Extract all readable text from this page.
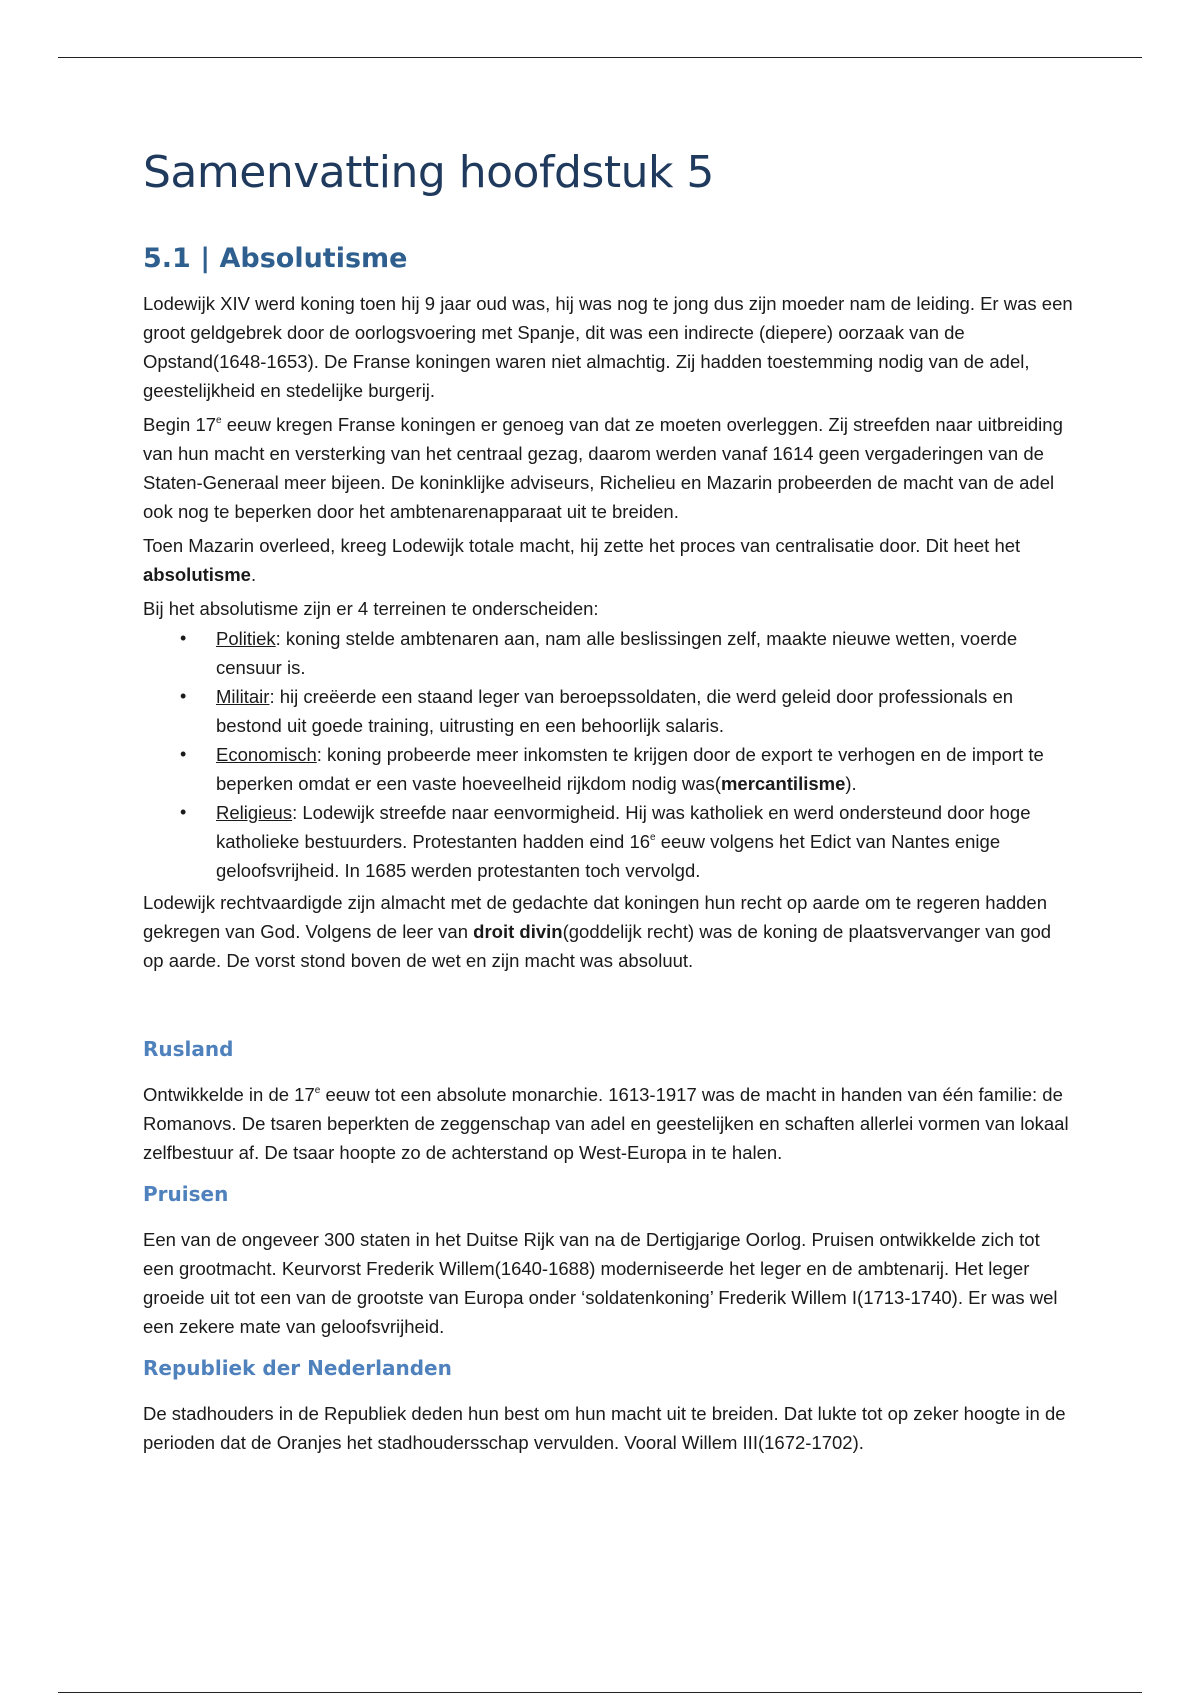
Samenvatting hoofdstuk 5
5.1 | Absolutisme

Lodewijk XIV werd koning toen hij 9 jaar oud was, hij was nog te jong dus zijn moeder nam de leiding. Er was een groot geldgebrek door de oorlogsvoering met Spanje, dit was een indirecte (diepere) oorzaak van de Opstand(1648-1653). De Franse koningen waren niet almachtig. Zij hadden toestemming nodig van de adel, geestelijkheid en stedelijke burgerij.

Begin 17e eeuw kregen Franse koningen er genoeg van dat ze moeten overleggen. Zij streefden naar uitbreiding van hun macht en versterking van het centraal gezag, daarom werden vanaf 1614 geen vergaderingen van de Staten-Generaal meer bijeen. De koninklijke adviseurs, Richelieu en Mazarin probeerden de macht van de adel ook nog te beperken door het ambtenarenapparaat uit te breiden.

Toen Mazarin overleed, kreeg Lodewijk totale macht, hij zette het proces van centralisatie door. Dit heet het absolutisme.

Bij het absolutisme zijn er 4 terreinen te onderscheiden:

• Politiek: koning stelde ambtenaren aan, nam alle beslissingen zelf, maakte nieuwe wetten, voerde censuur is.
• Militair: hij creëerde een staand leger van beroepssoldaten, die werd geleid door professionals en bestond uit goede training, uitrusting en een behoorlijk salaris.
• Economisch: koning probeerde meer inkomsten te krijgen door de export te verhogen en de import te beperken omdat er een vaste hoeveelheid rijkdom nodig was(mercantilisme).
• Religieus: Lodewijk streefde naar eenvormigheid. Hij was katholiek en werd ondersteund door hoge katholieke bestuurders. Protestanten hadden eind 16e eeuw volgens het Edict van Nantes enige geloofsvrijheid. In 1685 werden protestanten toch vervolgd.

Lodewijk rechtvaardigde zijn almacht met de gedachte dat koningen hun recht op aarde om te regeren hadden gekregen van God. Volgens de leer van droit divin(goddelijk recht) was de koning de plaatsvervanger van god op aarde. De vorst stond boven de wet en zijn macht was absoluut.

Rusland

Ontwikkelde in de 17e eeuw tot een absolute monarchie. 1613-1917 was de macht in handen van één familie: de Romanovs. De tsaren beperkten de zeggenschap van adel en geestelijken en schaften allerlei vormen van lokaal zelfbestuur af. De tsaar hoopte zo de achterstand op West-Europa in te halen.

Pruisen

Een van de ongeveer 300 staten in het Duitse Rijk van na de Dertigjarige Oorlog. Pruisen ontwikkelde zich tot een grootmacht. Keurvorst Frederik Willem(1640-1688) moderniseerde het leger en de ambtenarij. Het leger groeide uit tot een van de grootste van Europa onder ‘soldatenkoning’ Frederik Willem I(1713-1740). Er was wel een zekere mate van geloofsvrijheid.

Republiek der Nederlanden

De stadhouders in de Republiek deden hun best om hun macht uit te breiden. Dat lukte tot op zeker hoogte in de perioden dat de Oranjes het stadhoudersschap vervulden. Vooral Willem III(1672-1702).
